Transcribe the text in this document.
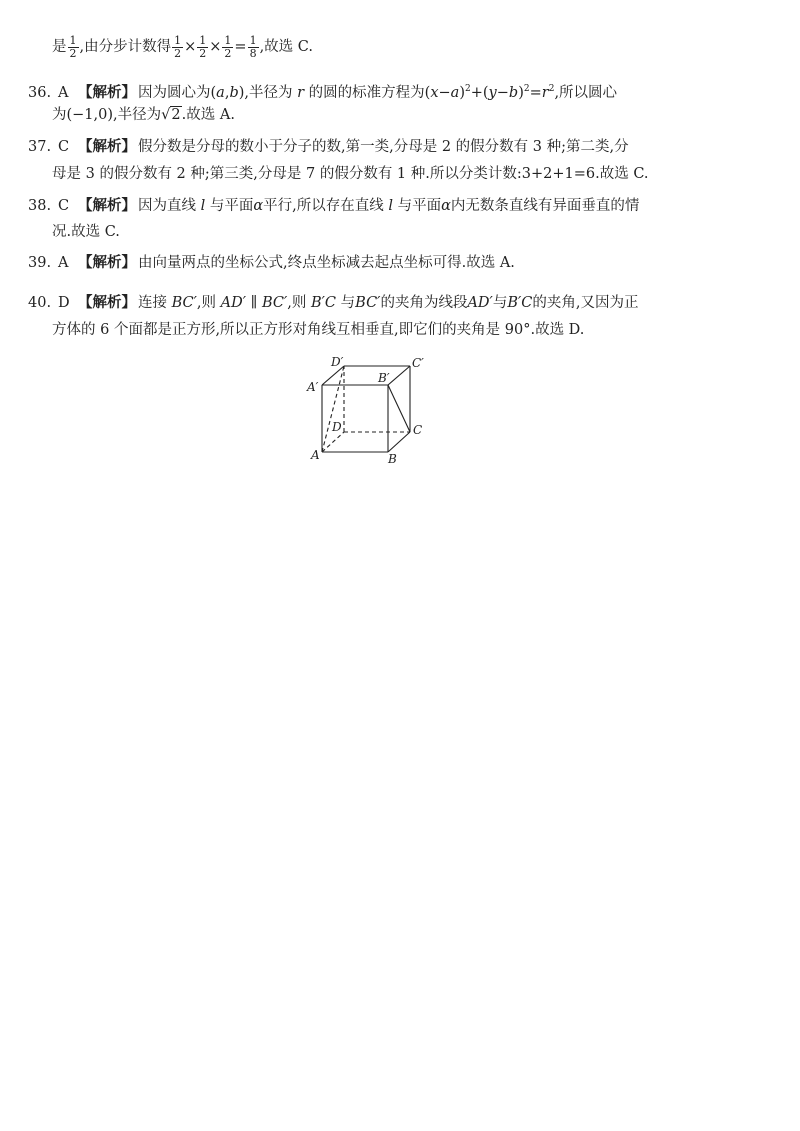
是 $\frac{1}{2}$ ,由分步计数得 $\frac{1}{2} \times \frac{1}{2} \times \frac{1}{2} = \frac{1}{8}$ ,故选 C.
36. A 【解析】 因为圆心为(a,b),半径为 r 的圆的标准方程为$(x-a)^2+(y-b)^2=r^2$,所以圆心
为(−1,0),半径为√2.故选 A.
37. C 【解析】 假分数是分母的数小于分子的数,第一类,分母是 2 的假分数有 3 种;第二类,分
母是 3 的假分数有 2 种;第三类,分母是 7 的假分数有 1 种.所以分类计数:3+2+1=6.故选 C.
38. C 【解析】 因为直线 l 与平面α平行,所以存在直线 l 与平面α内无数条直线有异面垂直的情
况.故选 C.
39. A 【解析】 由向量两点的坐标公式,终点坐标减去起点坐标可得.故选 A.
40. D 【解析】 连接 BC′,则 AD′ ∥ BC′,则 B′C 与BC′的夹角为线段AD′与B′C的夹角,又因为正
方体的 6 个面都是正方形,所以正方形对角线互相垂直,即它们的夹角是 90°.故选 D.
D′	C′
A′
B′
D	C
A	B
